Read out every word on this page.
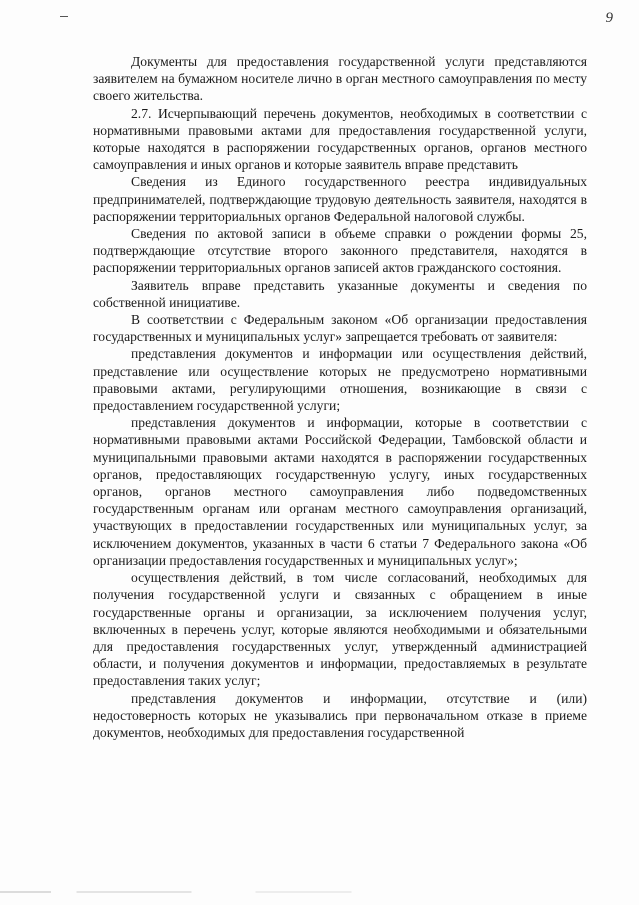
9

Документы для предоставления государственной услуги представляются заявителем на бумажном носителе лично в орган местного самоуправления по месту своего жительства.

2.7. Исчерпывающий перечень документов, необходимых в соответствии с нормативными правовыми актами для предоставления государственной услуги, которые находятся в распоряжении государственных органов, органов местного самоуправления и иных органов и которые заявитель вправе представить

Сведения из Единого государственного реестра индивидуальных предпринимателей, подтверждающие трудовую деятельность заявителя, находятся в распоряжении территориальных органов Федеральной налоговой службы.

Сведения по актовой записи в объеме справки о рождении формы 25, подтверждающие отсутствие второго законного представителя, находятся в распоряжении территориальных органов записей актов гражданского состояния.

Заявитель вправе представить указанные документы и сведения по собственной инициативе.

В соответствии с Федеральным законом «Об организации предоставления государственных и муниципальных услуг» запрещается требовать от заявителя:

представления документов и информации или осуществления действий, представление или осуществление которых не предусмотрено нормативными правовыми актами, регулирующими отношения, возникающие в связи с предоставлением государственной услуги;

представления документов и информации, которые в соответствии с нормативными правовыми актами Российской Федерации, Тамбовской области и муниципальными правовыми актами находятся в распоряжении государственных органов, предоставляющих государственную услугу, иных государственных органов, органов местного самоуправления либо подведомственных государственным органам или органам местного самоуправления организаций, участвующих в предоставлении государственных или муниципальных услуг, за исключением документов, указанных в части 6 статьи 7 Федерального закона «Об организации предоставления государственных и муниципальных услуг»;

осуществления действий, в том числе согласований, необходимых для получения государственной услуги и связанных с обращением в иные государственные органы и организации, за исключением получения услуг, включенных в перечень услуг, которые являются необходимыми и обязательными для предоставления государственных услуг, утвержденный администрацией области, и получения документов и информации, предоставляемых в результате предоставления таких услуг;

представления документов и информации, отсутствие и (или) недостоверность которых не указывались при первоначальном отказе в приеме документов, необходимых для предоставления государственной
